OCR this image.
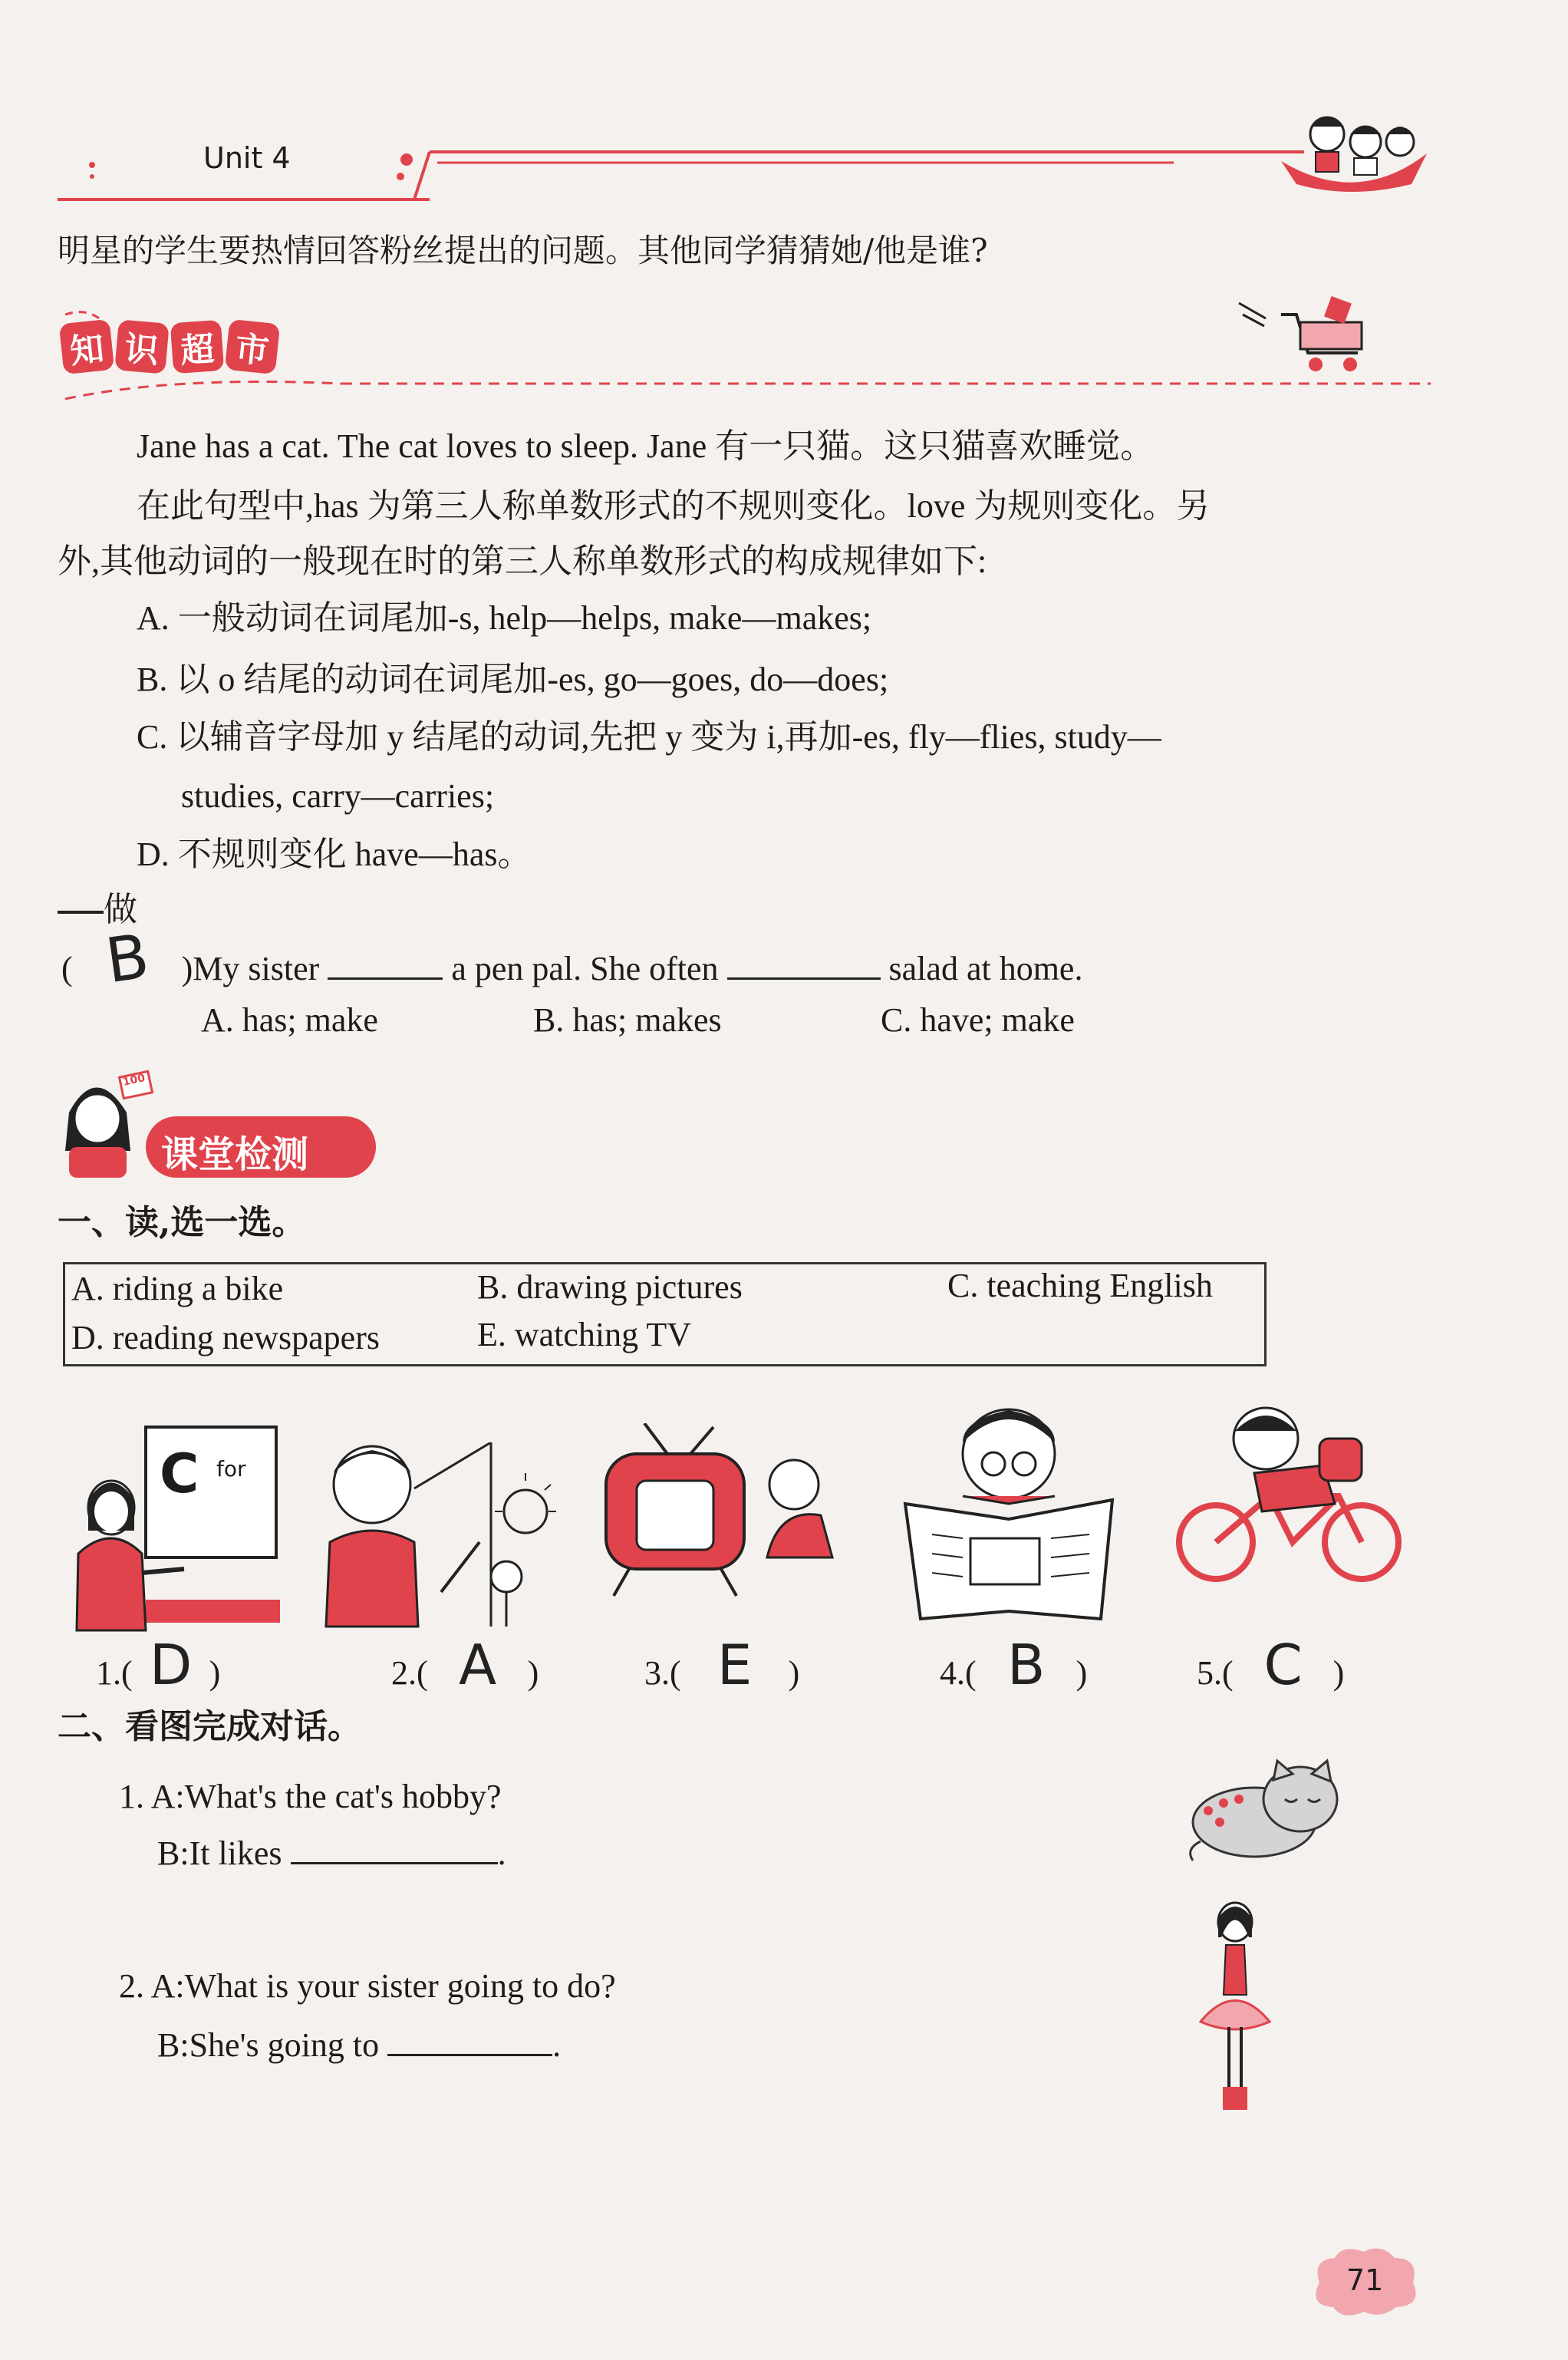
Unit 4
明星的学生要热情回答粉丝提出的问题。其他同学猜猜她/他是谁?
知 识 超 市
Jane has a cat. The cat loves to sleep. Jane 有一只猫。这只猫喜欢睡觉。
在此句型中,has 为第三人称单数形式的不规则变化。love 为规则变化。另
外,其他动词的一般现在时的第三人称单数形式的构成规律如下:
A. 一般动词在词尾加-s, help—helps, make—makes;
B. 以 o 结尾的动词在词尾加-es, go—goes, do—does;
C. 以辅音字母加 y 结尾的动词,先把 y 变为 i,再加-es, fly—flies, study—
studies, carry—carries;
D. 不规则变化 have—has。
做
( B )My sister	a pen pal. She often	salad at home.
A. has; make	B. has; makes	C. have; make
100
课堂检测
一、读,选一选。
A. riding a bike	B. drawing pictures	C. teaching English
D. reading newspapers	E. watching TV
C for
1.( D )	2.( A )	3.( E )	4.( B )	5.( C )
二、看图完成对话。
1. A:What's the cat's hobby?
B:It likes	.
2. A:What is your sister going to do?
B:She's going to	.
71
